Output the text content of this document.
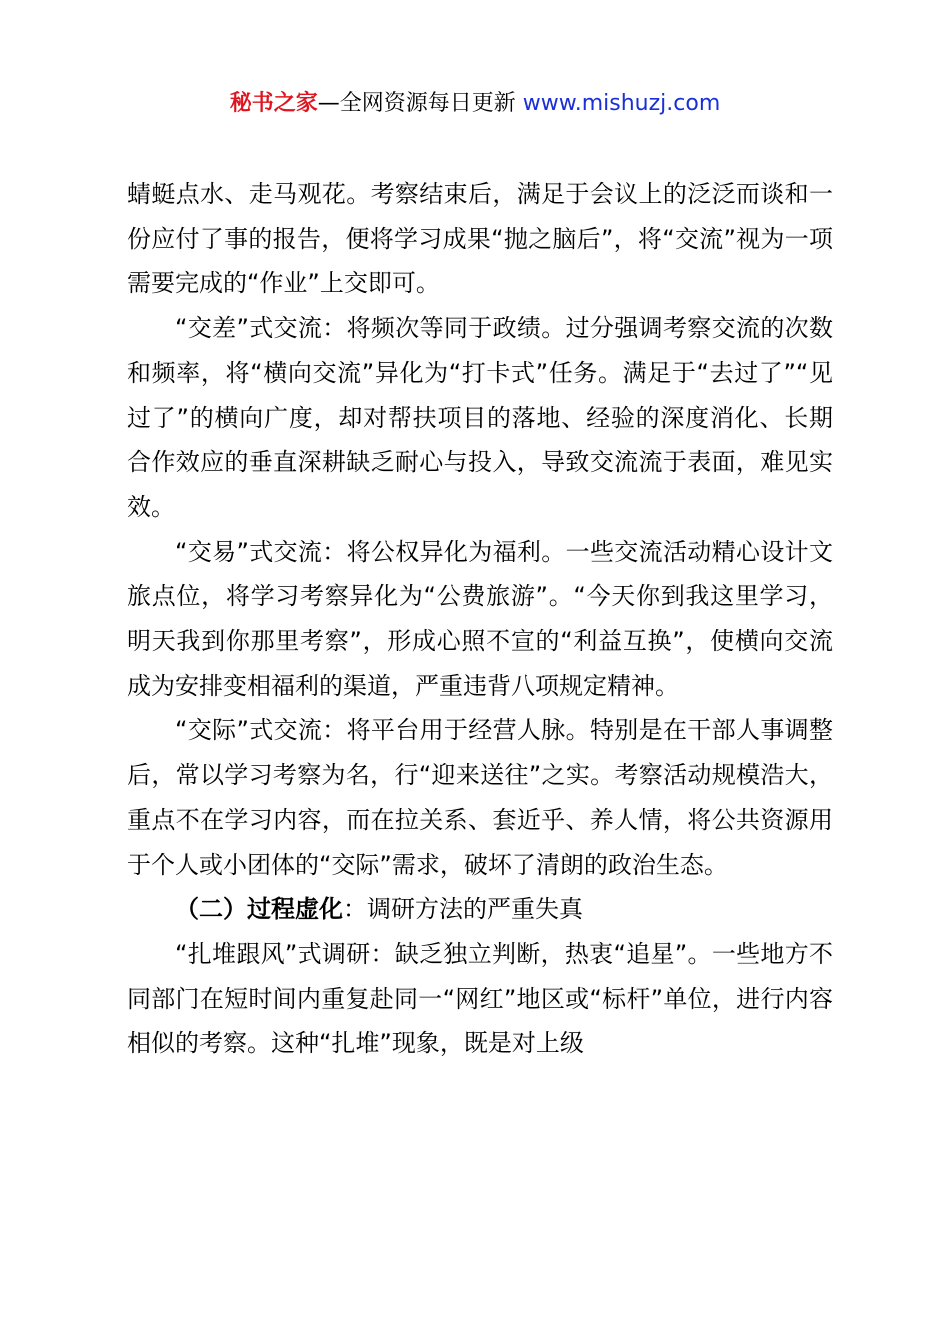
秘书之家—全网资源每日更新 www.mishuzj.com

蜻蜓点水、走马观花。考察结束后，满足于会议上的泛泛而谈和一份应付了事的报告，便将学习成果“抛之脑后”，将“交流”视为一项需要完成的“作业”上交即可。

“交差”式交流：将频次等同于政绩。过分强调考察交流的次数和频率，将“横向交流”异化为“打卡式”任务。满足于“去过了”“见过了”的横向广度，却对帮扶项目的落地、经验的深度消化、长期合作效应的垂直深耕缺乏耐心与投入，导致交流流于表面，难见实效。

“交易”式交流：将公权异化为福利。一些交流活动精心设计文旅点位，将学习考察异化为“公费旅游”。“今天你到我这里学习，明天我到你那里考察”，形成心照不宣的“利益互换”，使横向交流成为安排变相福利的渠道，严重违背八项规定精神。

“交际”式交流：将平台用于经营人脉。特别是在干部人事调整后，常以学习考察为名，行“迎来送往”之实。考察活动规模浩大，重点不在学习内容，而在拉关系、套近乎、养人情，将公共资源用于个人或小团体的“交际”需求，破坏了清朗的政治生态。

（二）过程虚化：调研方法的严重失真

“扎堆跟风”式调研：缺乏独立判断，热衷“追星”。一些地方不同部门在短时间内重复赴同一“网红”地区或“标杆”单位，进行内容相似的考察。这种“扎堆”现象，既是对上级
